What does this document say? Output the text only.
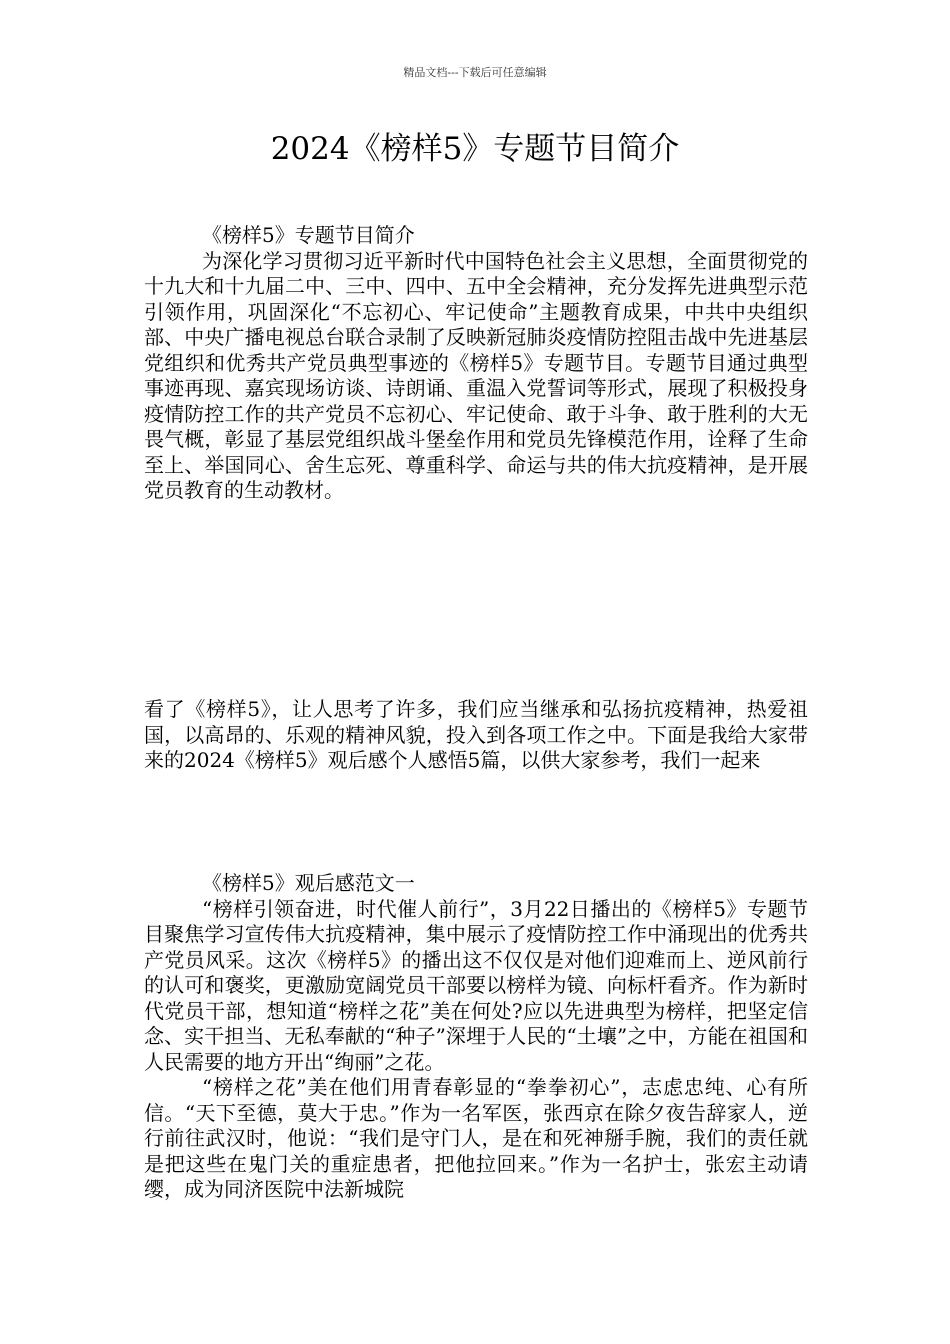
精品文档---下载后可任意编辑
2024《榜样5》专题节目简介

《榜样5》专题节目简介

为深化学习贯彻习近平新时代中国特色社会主义思想，全面贯彻党的十九大和十九届二中、三中、四中、五中全会精神，充分发挥先进典型示范引领作用，巩固深化“不忘初心、牢记使命”主题教育成果，中共中央组织部、中央广播电视总台联合录制了反映新冠肺炎疫情防控阻击战中先进基层党组织和优秀共产党员典型事迹的《榜样5》专题节目。专题节目通过典型事迹再现、嘉宾现场访谈、诗朗诵、重温入党誓词等形式，展现了积极投身疫情防控工作的共产党员不忘初心、牢记使命、敢于斗争、敢于胜利的大无畏气概，彰显了基层党组织战斗堡垒作用和党员先锋模范作用，诠释了生命至上、举国同心、舍生忘死、尊重科学、命运与共的伟大抗疫精神，是开展党员教育的生动教材。

看了《榜样5》，让人思考了许多，我们应当继承和弘扬抗疫精神，热爱祖国，以高昂的、乐观的精神风貌，投入到各项工作之中。下面是我给大家带来的2024《榜样5》观后感个人感悟5篇，以供大家参考，我们一起来

《榜样5》观后感范文一

“榜样引领奋进，时代催人前行”，3月22日播出的《榜样5》专题节目聚焦学习宣传伟大抗疫精神，集中展示了疫情防控工作中涌现出的优秀共产党员风采。这次《榜样5》的播出这不仅仅是对他们迎难而上、逆风前行的认可和褒奖，更激励宽阔党员干部要以榜样为镜、向标杆看齐。作为新时代党员干部，想知道“榜样之花”美在何处?应以先进典型为榜样，把坚定信念、实干担当、无私奉献的“种子”深埋于人民的“土壤”之中，方能在祖国和人民需要的地方开出“绚丽”之花。

“榜样之花”美在他们用青春彰显的“拳拳初心”，志虑忠纯、心有所信。“天下至德，莫大于忠。”作为一名军医，张西京在除夕夜告辞家人，逆行前往武汉时，他说：“我们是守门人，是在和死神掰手腕，我们的责任就是把这些在鬼门关的重症患者，把他拉回来。”作为一名护士，张宏主动请缨，成为同济医院中法新城院
